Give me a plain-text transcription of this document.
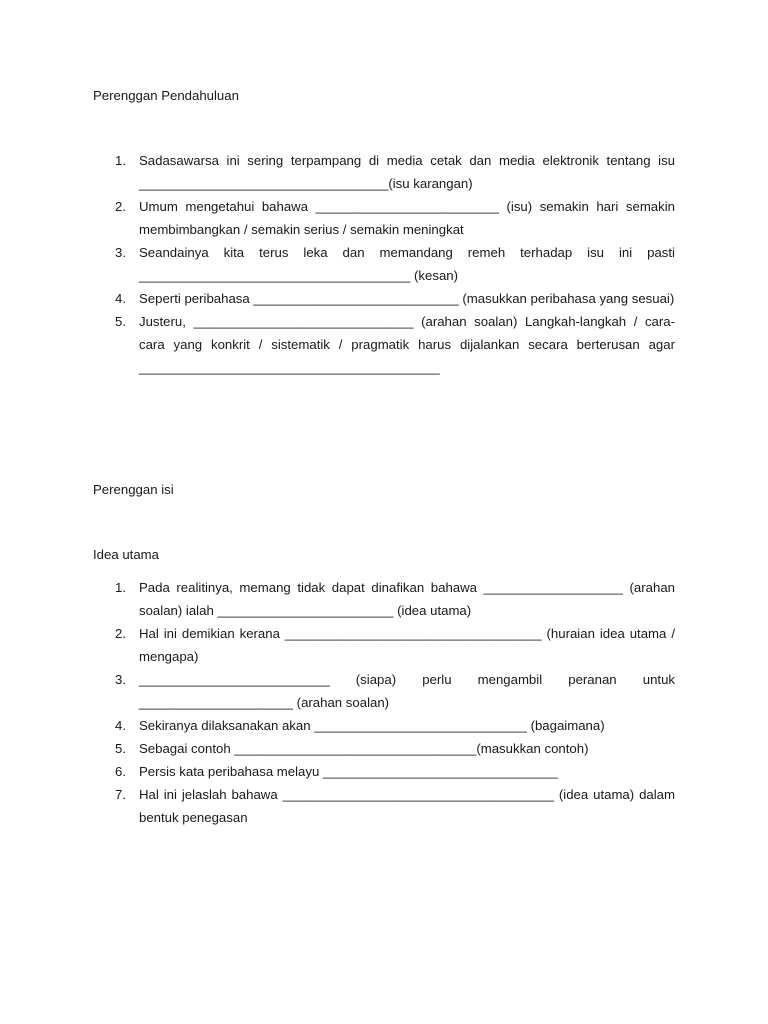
Perenggan Pendahuluan
1. Sadasawarsa ini sering terpampang di media cetak dan media elektronik tentang isu __________________________________(isu karangan)
2. Umum mengetahui bahawa _________________________ (isu) semakin hari semakin membimbangkan / semakin serius / semakin meningkat
3. Seandainya kita terus leka dan memandang remeh terhadap isu ini pasti _____________________________________ (kesan)
4. Seperti peribahasa ____________________________ (masukkan peribahasa yang sesuai)
5. Justeru, ______________________________ (arahan soalan) Langkah-langkah / cara-cara yang konkrit / sistematik / pragmatik harus dijalankan secara berterusan agar _________________________________________
Perenggan isi
Idea utama
1. Pada realitinya, memang tidak dapat dinafikan bahawa ___________________ (arahan soalan) ialah ________________________ (idea utama)
2. Hal ini demikian kerana ___________________________________ (huraian idea utama / mengapa)
3. __________________________ (siapa) perlu mengambil peranan untuk _____________________ (arahan soalan)
4. Sekiranya dilaksanakan akan _____________________________ (bagaimana)
5. Sebagai contoh _________________________________(masukkan contoh)
6. Persis kata peribahasa melayu ________________________________
7. Hal ini jelaslah bahawa _____________________________________ (idea utama) dalam bentuk penegasan
